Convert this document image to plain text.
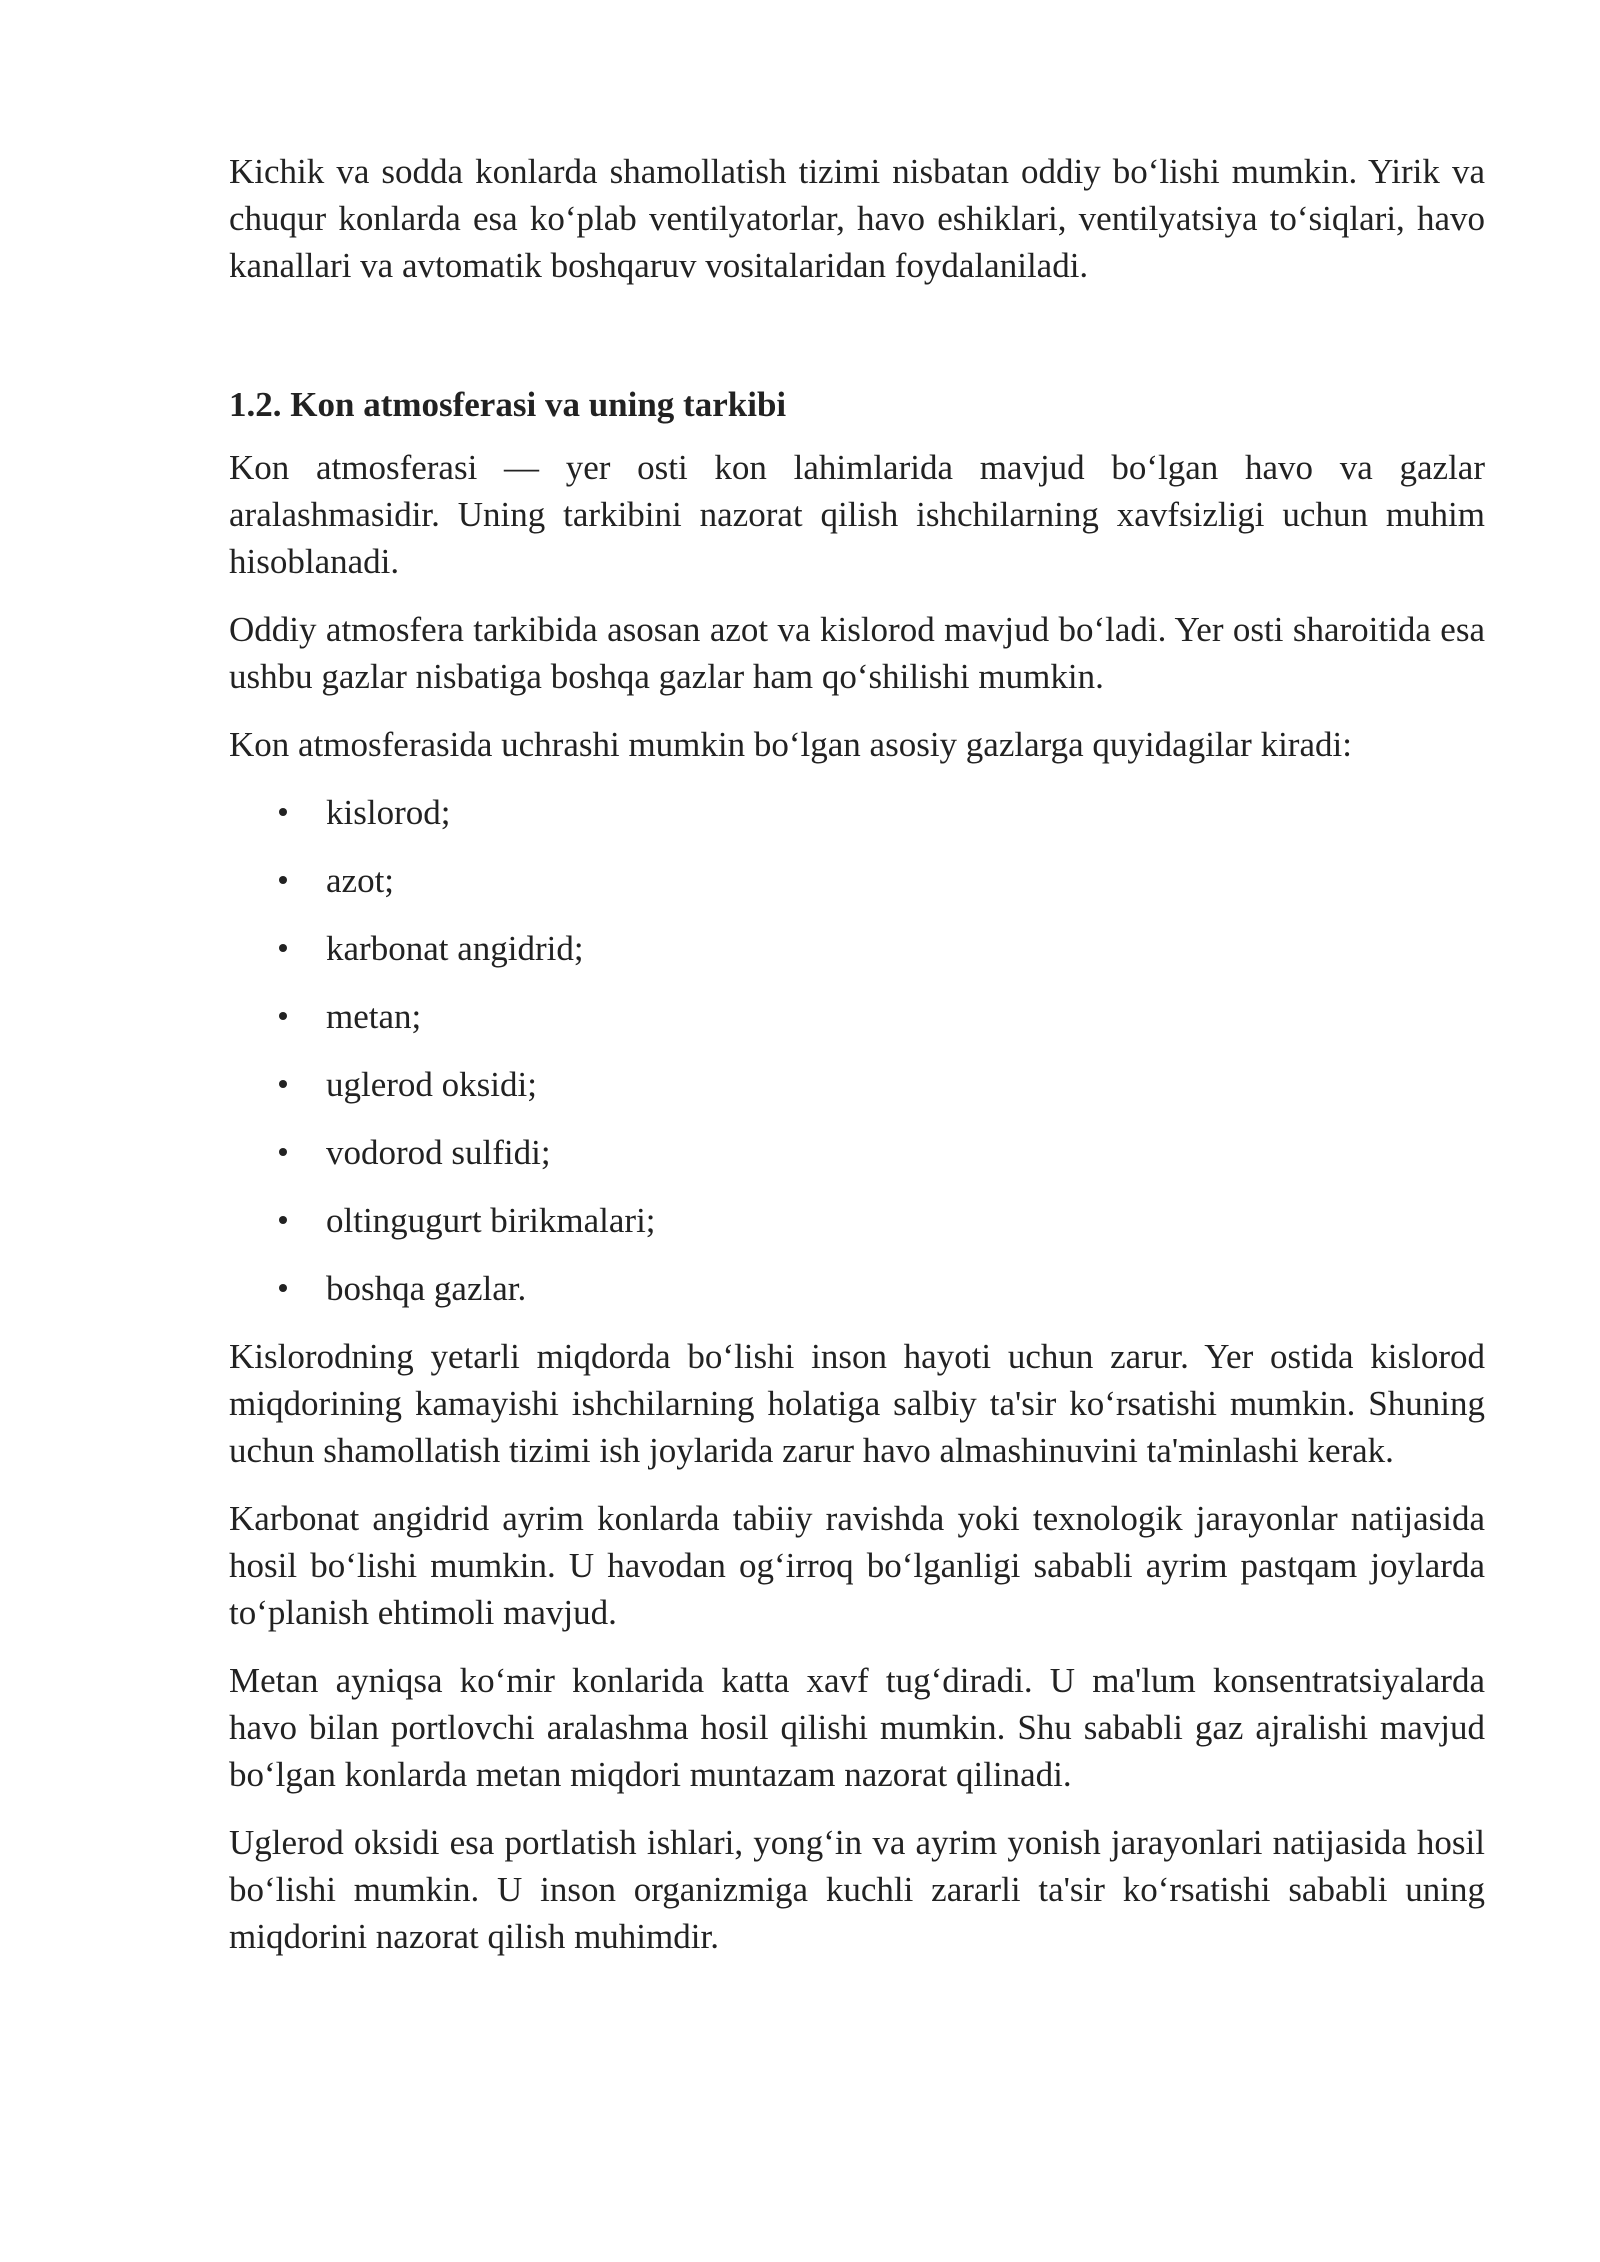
Kichik va sodda konlarda shamollatish tizimi nisbatan oddiy bo‘lishi mumkin. Yirik va chuqur konlarda esa ko‘plab ventilyatorlar, havo eshiklari, ventilyatsiya to‘siqlari, havo kanallari va avtomatik boshqaruv vositalaridan foydalaniladi.

1.2. Kon atmosferasi va uning tarkibi

Kon atmosferasi — yer osti kon lahimlarida mavjud bo‘lgan havo va gazlar aralashmasidir. Uning tarkibini nazorat qilish ishchilarning xavfsizligi uchun muhim hisoblanadi.

Oddiy atmosfera tarkibida asosan azot va kislorod mavjud bo‘ladi. Yer osti sharoitida esa ushbu gazlar nisbatiga boshqa gazlar ham qo‘shilishi mumkin.

Kon atmosferasida uchrashi mumkin bo‘lgan asosiy gazlarga quyidagilar kiradi:

kislorod;
azot;
karbonat angidrid;
metan;
uglerod oksidi;
vodorod sulfidi;
oltingugurt birikmalari;
boshqa gazlar.

Kislorodning yetarli miqdorda bo‘lishi inson hayoti uchun zarur. Yer ostida kislorod miqdorining kamayishi ishchilarning holatiga salbiy ta'sir ko‘rsatishi mumkin. Shuning uchun shamollatish tizimi ish joylarida zarur havo almashinuvini ta'minlashi kerak.

Karbonat angidrid ayrim konlarda tabiiy ravishda yoki texnologik jarayonlar natijasida hosil bo‘lishi mumkin. U havodan og‘irroq bo‘lganligi sababli ayrim pastqam joylarda to‘planish ehtimoli mavjud.

Metan ayniqsa ko‘mir konlarida katta xavf tug‘diradi. U ma'lum konsentratsiyalarda havo bilan portlovchi aralashma hosil qilishi mumkin. Shu sababli gaz ajralishi mavjud bo‘lgan konlarda metan miqdori muntazam nazorat qilinadi.

Uglerod oksidi esa portlatish ishlari, yong‘in va ayrim yonish jarayonlari natijasida hosil bo‘lishi mumkin. U inson organizmiga kuchli zararli ta'sir ko‘rsatishi sababli uning miqdorini nazorat qilish muhimdir.
